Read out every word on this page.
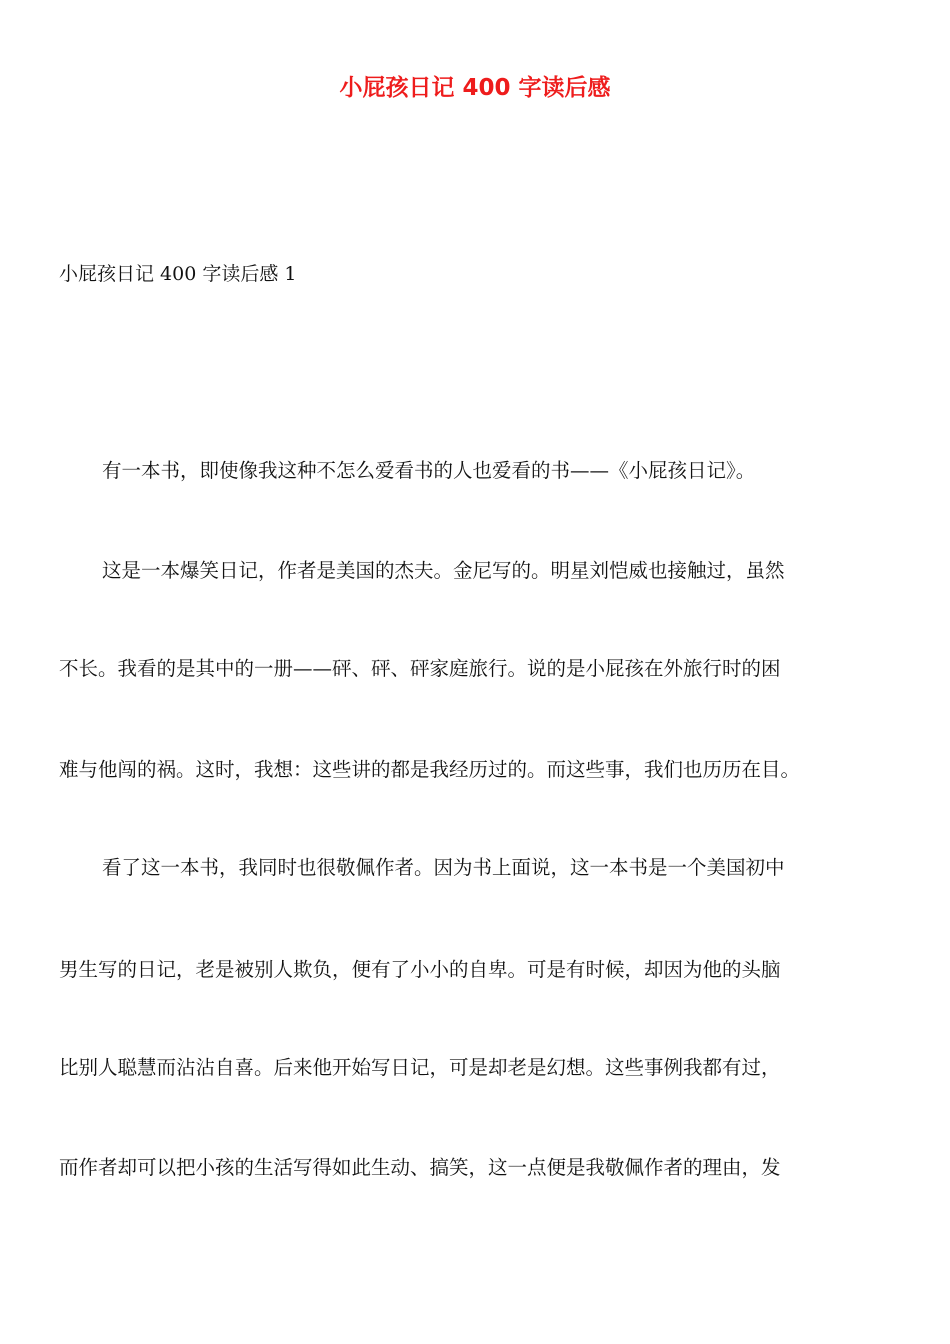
小屁孩日记 400 字读后感
小屁孩日记 400 字读后感 1
有一本书，即使像我这种不怎么爱看书的人也爱看的书——《小屁孩日记》。
这是一本爆笑日记，作者是美国的杰夫。金尼写的。明星刘恺威也接触过，虽然
不长。我看的是其中的一册——砰、砰、砰家庭旅行。说的是小屁孩在外旅行时的困
难与他闯的祸。这时，我想：这些讲的都是我经历过的。而这些事，我们也历历在目。
看了这一本书，我同时也很敬佩作者。因为书上面说，这一本书是一个美国初中
男生写的日记，老是被别人欺负，便有了小小的自卑。可是有时候，却因为他的头脑
比别人聪慧而沾沾自喜。后来他开始写日记，可是却老是幻想。这些事例我都有过，
而作者却可以把小孩的生活写得如此生动、搞笑，这一点便是我敬佩作者的理由，发
